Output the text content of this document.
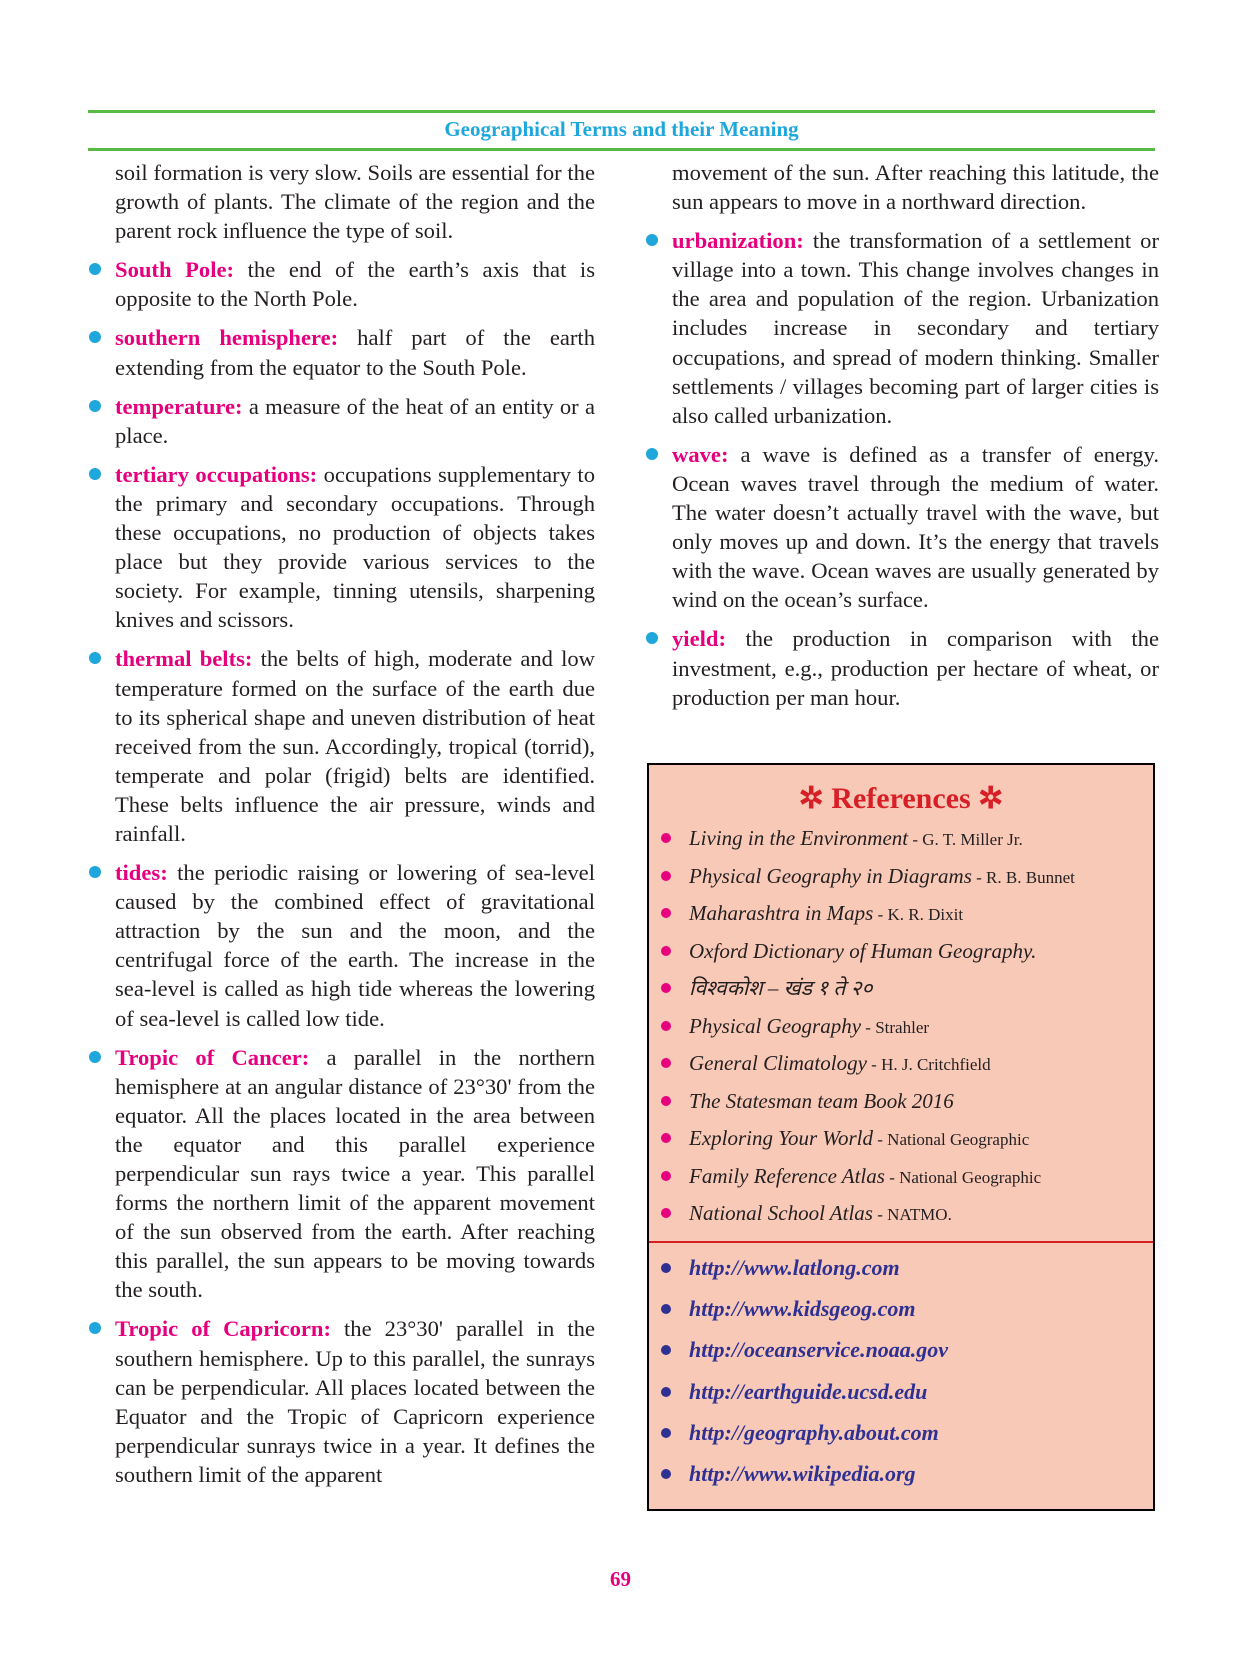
Geographical Terms and their Meaning

soil formation is very slow. Soils are essential for the growth of plants. The climate of the region and the parent rock influence the type of soil.

South Pole: the end of the earth’s axis that is opposite to the North Pole.
southern hemisphere: half part of the earth extending from the equator to the South Pole.
temperature: a measure of the heat of an entity or a place.
tertiary occupations: occupations supplementary to the primary and secondary occupations. Through these occupations, no production of objects takes place but they provide various services to the society. For example, tinning utensils, sharpening knives and scissors.
thermal belts: the belts of high, moderate and low temperature formed on the surface of the earth due to its spherical shape and uneven distribution of heat received from the sun. Accordingly, tropical (torrid), temperate and polar (frigid) belts are identified. These belts influence the air pressure, winds and rainfall.
tides: the periodic raising or lowering of sea-level caused by the combined effect of gravitational attraction by the sun and the moon, and the centrifugal force of the earth. The increase in the sea-level is called as high tide whereas the lowering of sea-level is called low tide.
Tropic of Cancer: a parallel in the northern hemisphere at an angular distance of 23°30' from the equator. All the places located in the area between the equator and this parallel experience perpendicular sun rays twice a year. This parallel forms the northern limit of the apparent movement of the sun observed from the earth. After reaching this parallel, the sun appears to be moving towards the south.
Tropic of Capricorn: the 23°30' parallel in the southern hemisphere. Up to this parallel, the sunrays can be perpendicular. All places located between the Equator and the Tropic of Capricorn experience perpendicular sunrays twice in a year. It defines the southern limit of the apparent

movement of the sun. After reaching this latitude, the sun appears to move in a northward direction.

urbanization: the transformation of a settlement or village into a town. This change involves changes in the area and population of the region. Urbanization includes increase in secondary and tertiary occupations, and spread of modern thinking. Smaller settlements / villages becoming part of larger cities is also called urbanization.
wave: a wave is defined as a transfer of energy. Ocean waves travel through the medium of water. The water doesn’t actually travel with the wave, but only moves up and down. It’s the energy that travels with the wave. Ocean waves are usually generated by wind on the ocean’s surface.
yield: the production in comparison with the investment, e.g., production per hectare of wheat, or production per man hour.
✲ References ✲
Living in the Environment - G. T. Miller Jr.
Physical Geography in Diagrams - R. B. Bunnet
Maharashtra in Maps - K. R. Dixit
Oxford Dictionary of Human Geography.
विश्वकोश – खंड १ ते २०
Physical Geography - Strahler
General Climatology - H. J. Critchfield
The Statesman team Book 2016
Exploring Your World - National Geographic
Family Reference Atlas - National Geographic
National School Atlas - NATMO.
http://www.latlong.com
http://www.kidsgeog.com
http://oceanservice.noaa.gov
http://earthguide.ucsd.edu
http://geography.about.com
http://www.wikipedia.org
69
